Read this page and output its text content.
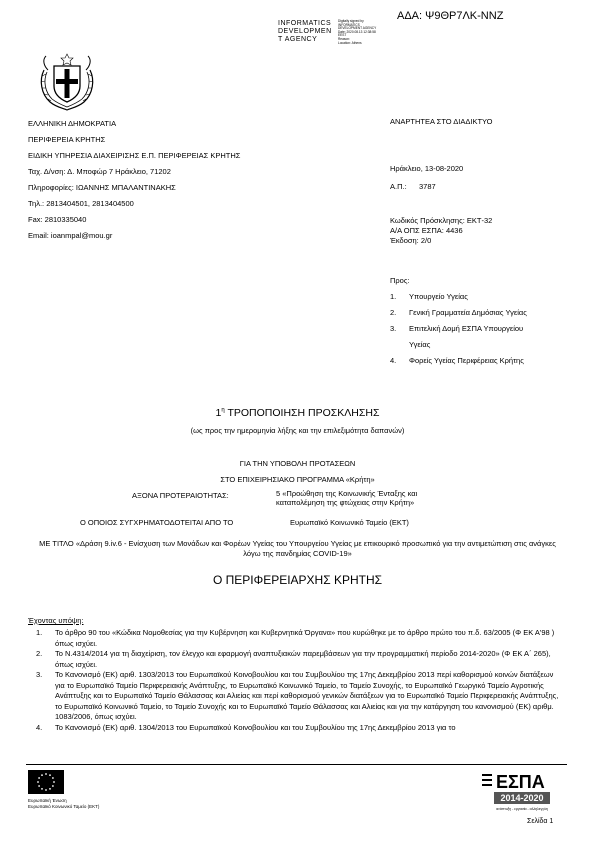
ΑΔΑ: Ψ9ΘΡ7ΛΚ-ΝΝΖ
INFORMATICS
DEVELOPMEN
T AGENCY
Digitally signed by
INFORMATICS
DEVELOPMENT AGENCY
Date: 2020.08.13 12:38:58
EEST
Reason:
Location: Athens
ΕΛΛΗΝΙΚΗ ΔΗΜΟΚΡΑΤΙΑ
ΠΕΡΙΦΕΡΕΙΑ ΚΡΗΤΗΣ
ΕΙΔΙΚΗ ΥΠΗΡΕΣΙΑ ΔΙΑΧΕΙΡΙΣΗΣ Ε.Π. ΠΕΡΙΦΕΡΕΙΑΣ ΚΡΗΤΗΣ
Ταχ. Δ/νση: Δ. Μποφώρ 7 Ηράκλειο, 71202
Πληροφορίες: ΙΩΑΝΝΗΣ ΜΠΑΛΑΝΤΙΝΑΚΗΣ
Τηλ.: 2813404501, 2813404500
Fax: 2810335040
Email: ioanmpal@mou.gr
ΑΝΑΡΤΗΤΕΑ ΣΤΟ ΔΙΑΔΙΚΤΥΟ
Ηράκλειο, 13-08-2020
Α.Π.: 3787
Κωδικός Πρόσκλησης: ΕΚΤ-32
Α/Α ΟΠΣ ΕΣΠΑ: 4436
Έκδοση: 2/0
Προς:
1. Υπουργείο Υγείας
2. Γενική Γραμματεία Δημόσιας Υγείας
3. Επιτελική Δομή ΕΣΠΑ Υπουργείου
Υγείας
4. Φορείς Υγείας Περιφέρειας Κρήτης
$1^\eta$ ΤΡΟΠΟΠΟΙΗΣΗ ΠΡΟΣΚΛΗΣΗΣ
(ως προς την ημερομηνία λήξης και την επιλεξιμότητα δαπανών)
ΓΙΑ ΤΗΝ ΥΠΟΒΟΛΗ ΠΡΟΤΑΣΕΩΝ
ΣΤΟ ΕΠΙΧΕΙΡΗΣΙΑΚΟ ΠΡΟΓΡΑΜΜΑ «Κρήτη»
ΑΞΟΝΑ ΠΡΟΤΕΡΑΙΟΤΗΤΑΣ:	5 «Προώθηση της Κοινωνικής Ένταξης και καταπολέμηση της φτώχειας στην Κρήτη»
Ο ΟΠΟΙΟΣ ΣΥΓΧΡΗΜΑΤΟΔΟΤΕΙΤΑΙ ΑΠΟ ΤΟ	Ευρωπαϊκό Κοινωνικό Ταμείο (ΕΚΤ)
ΜΕ ΤΙΤΛΟ «Δράση 9.iv.6 - Ενίσχυση των Μονάδων και Φορέων Υγείας του Υπουργείου Υγείας με επικουρικό προσωπικό για την αντιμετώπιση στις ανάγκες λόγω της πανδημίας COVID-19»
Ο ΠΕΡΙΦΕΡΕΙΑΡΧΗΣ ΚΡΗΤΗΣ
Έχοντας υπόψη:
1. Το άρθρο 90 του «Κώδικα Νομοθεσίας για την Κυβέρνηση και Κυβερνητικά Όργανα» που κυρώθηκε με το άρθρο πρώτο του π.δ. 63/2005 (Φ ΕΚ Α'98 ) όπως ισχύει.
2. Το Ν.4314/2014 για τη διαχείριση, τον έλεγχο και εφαρμογή αναπτυξιακών παρεμβάσεων για την προγραμματική περίοδο 2014-2020» (Φ ΕΚ Α΄ 265), όπως ισχύει.
3. Το Κανονισμό (ΕΚ) αριθ. 1303/2013 του Ευρωπαϊκού Κοινοβουλίου και του Συμβουλίου της 17ης Δεκεμβρίου 2013 περί καθορισμού κοινών διατάξεων για το Ευρωπαϊκό Ταμείο Περιφερειακής Ανάπτυξης, το Ευρωπαϊκό Κοινωνικό Ταμείο, το Ταμείο Συνοχής, το Ευρωπαϊκό Γεωργικό Ταμείο Αγροτικής Ανάπτυξης και το Ευρωπαϊκό Ταμείο Θάλασσας και Αλιείας και περί καθορισμού γενικών διατάξεων για το Ευρωπαϊκό Ταμείο Περιφερειακής Ανάπτυξης, το Ευρωπαϊκό Κοινωνικό Ταμείο, το Ταμείο Συνοχής και το Ευρωπαϊκό Ταμείο Θάλασσας και Αλιείας και για την κατάργηση του κανονισμού (ΕΚ) αριθμ. 1083/2006, όπως ισχύει.
4. Το Κανονισμό (ΕΚ) αριθ. 1304/2013 του Ευρωπαϊκού Κοινοβουλίου και του Συμβουλίου της 17ης Δεκεμβρίου 2013 για το
Ευρωπαϊκή Ένωση
Ευρωπαϊκό Κοινωνικό Ταμείο (ΕΚΤ)
ΕΣΠΑ
2014-2020
ανάπτυξη - εργασία - αλληλεγγύη
Σελίδα 1
